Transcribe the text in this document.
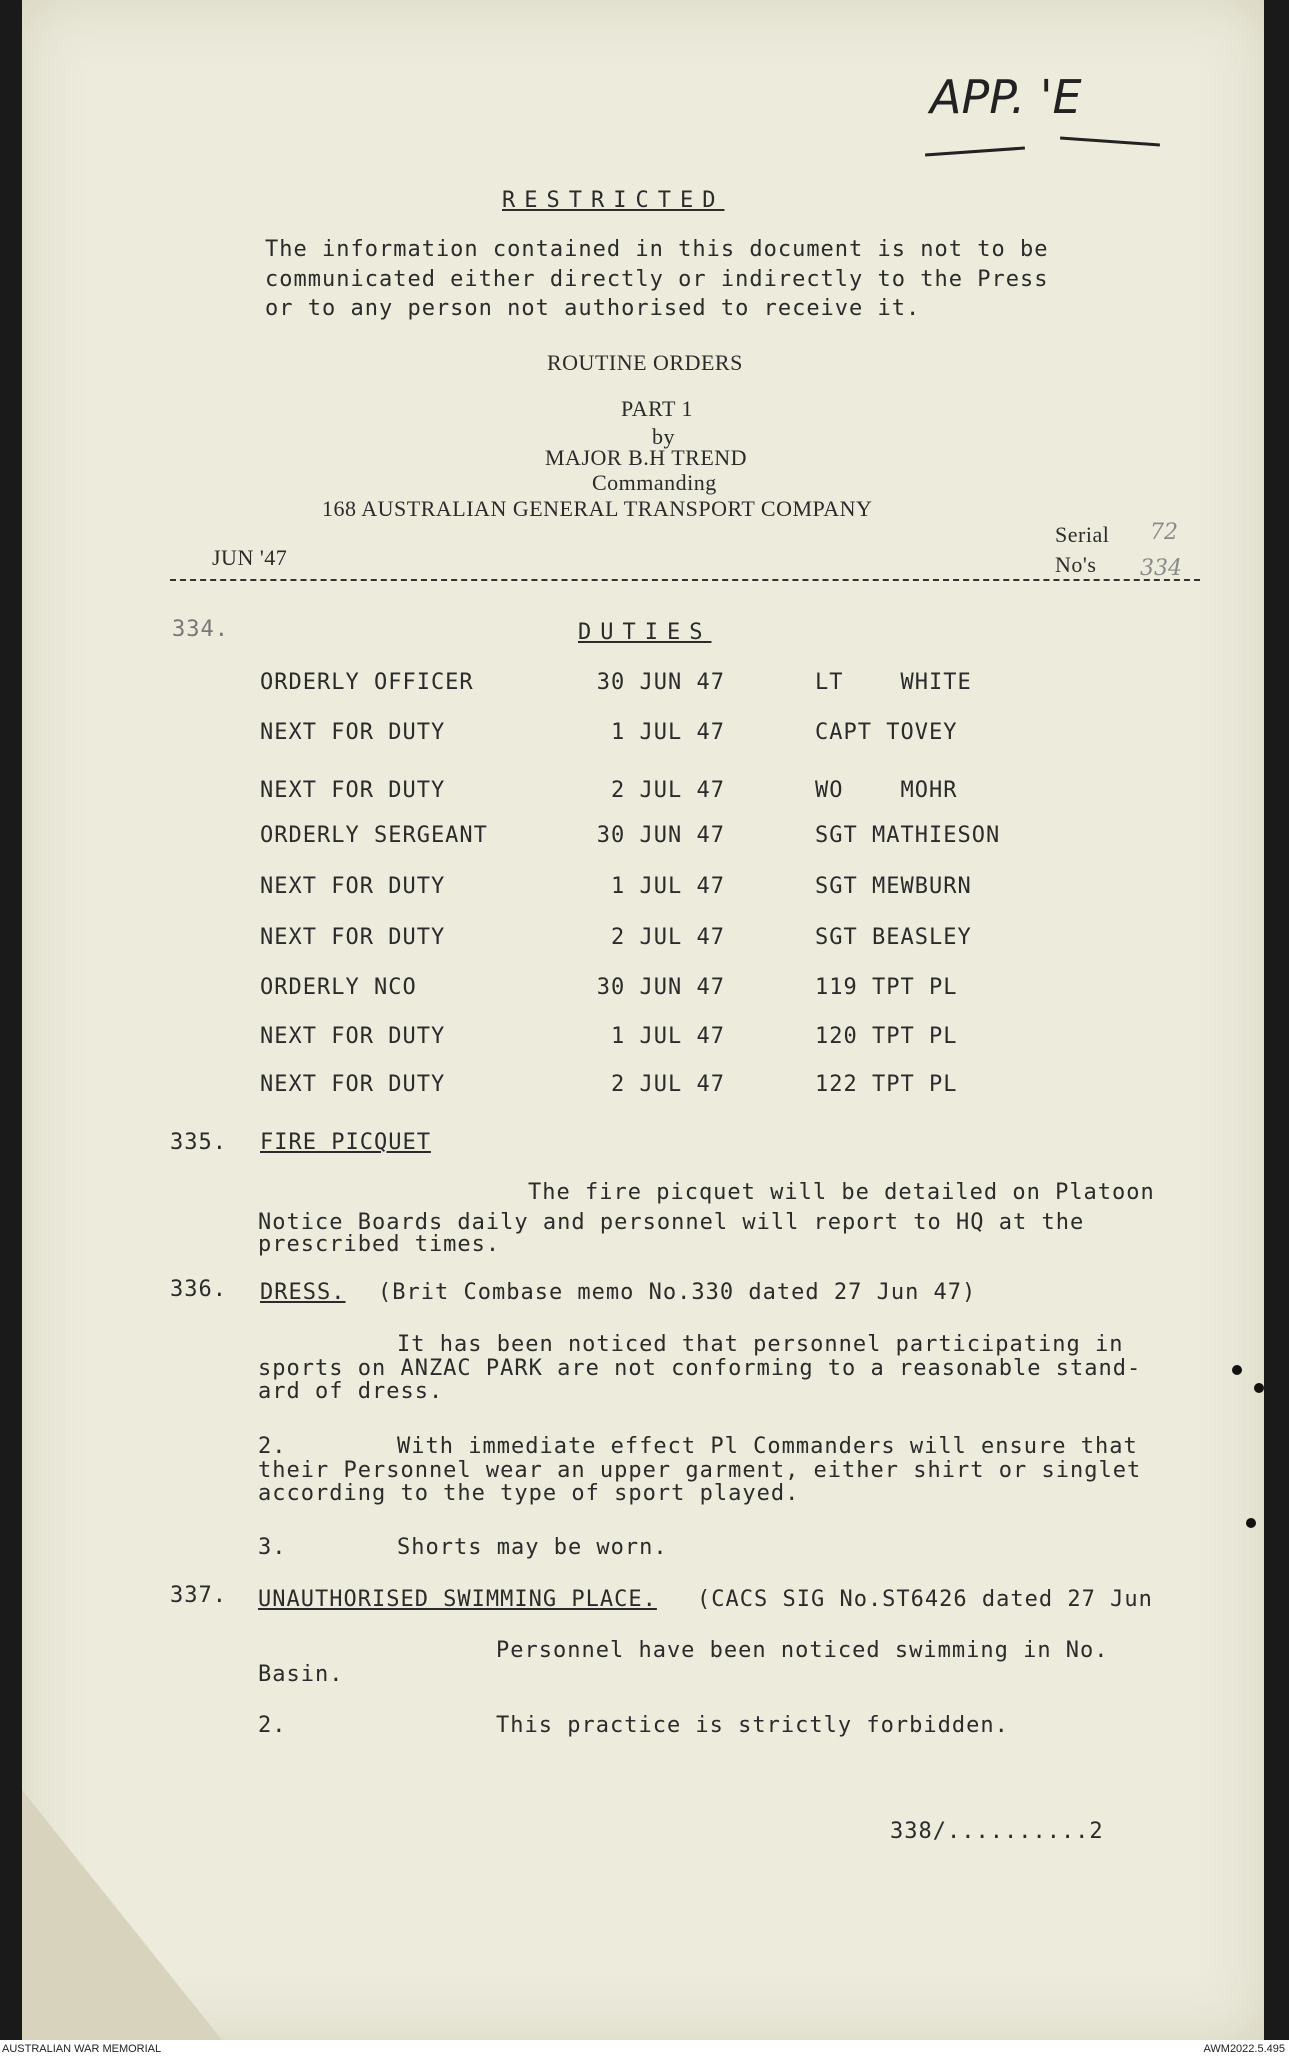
APP. 'E
RESTRICTED
The information contained in this document is not to be
communicated either directly or indirectly to the Press
or to any person not authorised to receive it.
ROUTINE ORDERS
PART 1
by
MAJOR B.H TREND
Commanding
168 AUSTRALIAN GENERAL TRANSPORT COMPANY
JUN '47
Serial 72
No's 334
334.	DUTIES
ORDERLY OFFICER	30 JUN 47	LT    WHITE
NEXT FOR DUTY	1 JUL 47	CAPT TOVEY
NEXT FOR DUTY	2 JUL 47	WO    MOHR
ORDERLY SERGEANT	30 JUN 47	SGT MATHIESON
NEXT FOR DUTY	1 JUL 47	SGT MEWBURN
NEXT FOR DUTY	2 JUL 47	SGT BEASLEY
ORDERLY NCO	30 JUN 47	119 TPT PL
NEXT FOR DUTY	1 JUL 47	120 TPT PL
NEXT FOR DUTY	2 JUL 47	122 TPT PL
335. FIRE PICQUET
The fire picquet will be detailed on Platoon
Notice Boards daily and personnel will report to HQ at the
prescribed times.
336. DRESS. (Brit Combase memo No.330 dated 27 Jun 47)
It has been noticed that personnel participating in
sports on ANZAC PARK are not conforming to a reasonable stand-
ard of dress.
2.	With immediate effect Pl Commanders will ensure that
their Personnel wear an upper garment, either shirt or singlet
according to the type of sport played.
3.	Shorts may be worn.
337. UNAUTHORISED SWIMMING PLACE. (CACS SIG No.ST6426 dated 27 Jun
Personnel have been noticed swimming in No.
Basin.
2.	This practice is strictly forbidden.
338/..........2
AUSTRALIAN WAR MEMORIAL	AWM2022.5.495
